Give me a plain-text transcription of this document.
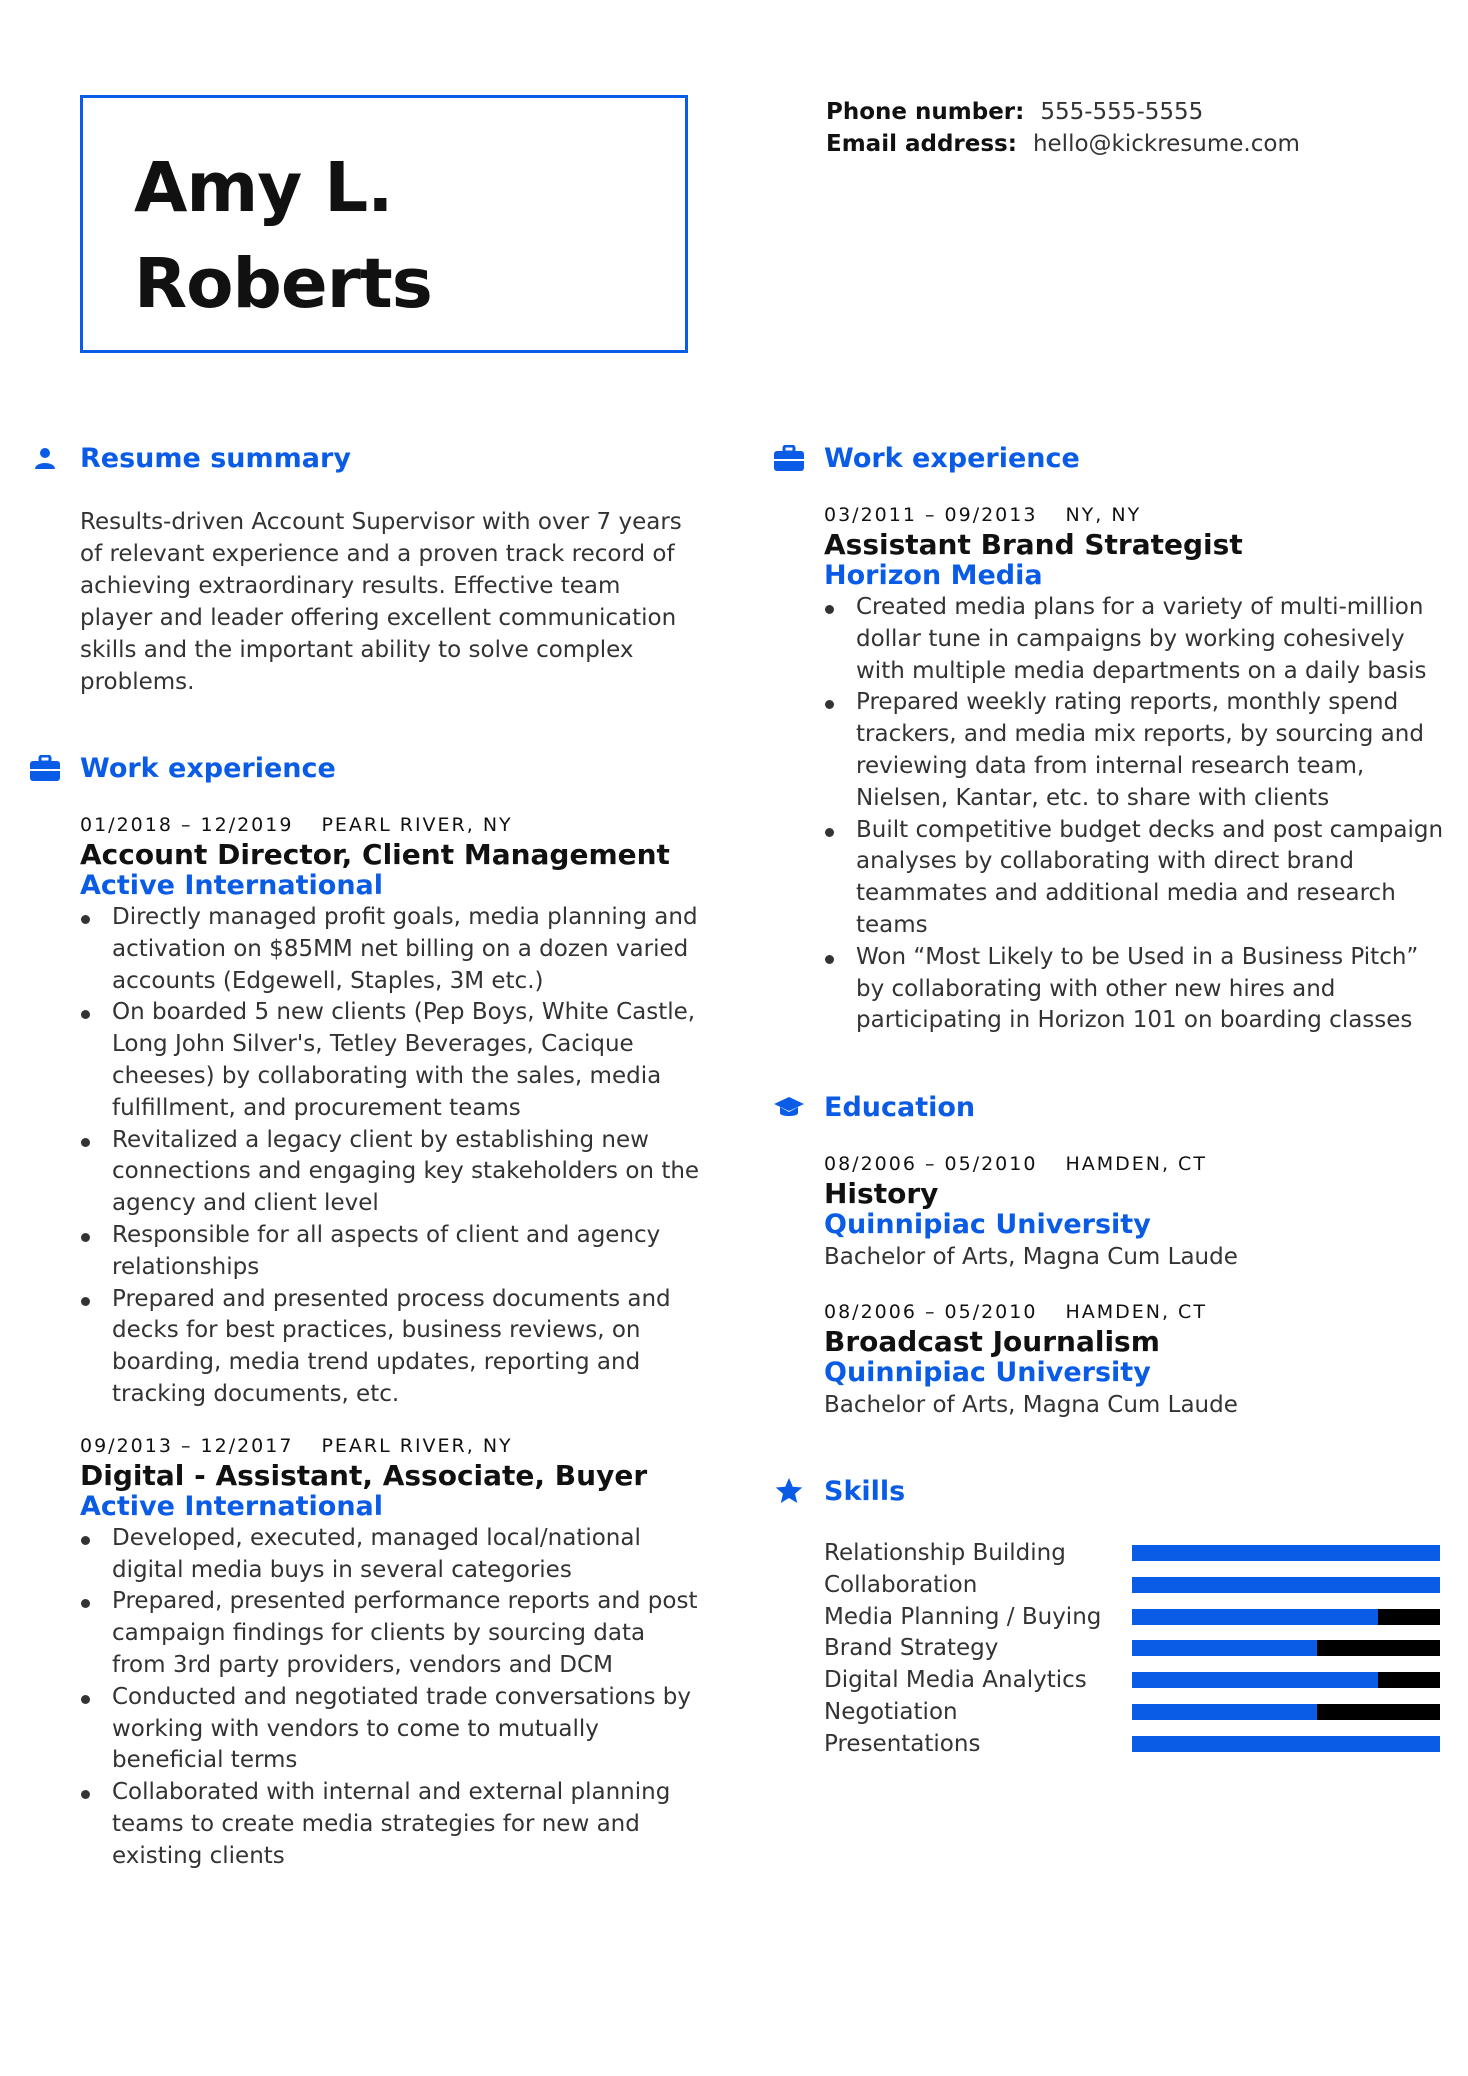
Amy L.
Roberts
Phone number: 555-555-5555
Email address: hello@kickresume.com
Resume summary
Results-driven Account Supervisor with over 7 years of relevant experience and a proven track record of achieving extraordinary results. Effective team player and leader offering excellent communication skills and the important ability to solve complex problems.
Work experience
01/2018 – 12/2019 PEARL RIVER, NY
Account Director, Client Management
Active International
Directly managed profit goals, media planning and activation on $85MM net billing on a dozen varied accounts (Edgewell, Staples, 3M etc.)
On boarded 5 new clients (Pep Boys, White Castle, Long John Silver's, Tetley Beverages, Cacique cheeses) by collaborating with the sales, media fulfillment, and procurement teams
Revitalized a legacy client by establishing new connections and engaging key stakeholders on the agency and client level
Responsible for all aspects of client and agency relationships
Prepared and presented process documents and decks for best practices, business reviews, on boarding, media trend updates, reporting and tracking documents, etc.
09/2013 – 12/2017 PEARL RIVER, NY
Digital - Assistant, Associate, Buyer
Active International
Developed, executed, managed local/national digital media buys in several categories
Prepared, presented performance reports and post campaign findings for clients by sourcing data from 3rd party providers, vendors and DCM
Conducted and negotiated trade conversations by working with vendors to come to mutually beneficial terms
Collaborated with internal and external planning teams to create media strategies for new and existing clients
Work experience
03/2011 – 09/2013 NY, NY
Assistant Brand Strategist
Horizon Media
Created media plans for a variety of multi-million dollar tune in campaigns by working cohesively with multiple media departments on a daily basis
Prepared weekly rating reports, monthly spend trackers, and media mix reports, by sourcing and reviewing data from internal research team, Nielsen, Kantar, etc. to share with clients
Built competitive budget decks and post campaign analyses by collaborating with direct brand teammates and additional media and research teams
Won “Most Likely to be Used in a Business Pitch” by collaborating with other new hires and participating in Horizon 101 on boarding classes
Education
08/2006 – 05/2010 HAMDEN, CT
History
Quinnipiac University
Bachelor of Arts, Magna Cum Laude
08/2006 – 05/2010 HAMDEN, CT
Broadcast Journalism
Quinnipiac University
Bachelor of Arts, Magna Cum Laude
Skills
Relationship Building
Collaboration
Media Planning / Buying
Brand Strategy
Digital Media Analytics
Negotiation
Presentations
